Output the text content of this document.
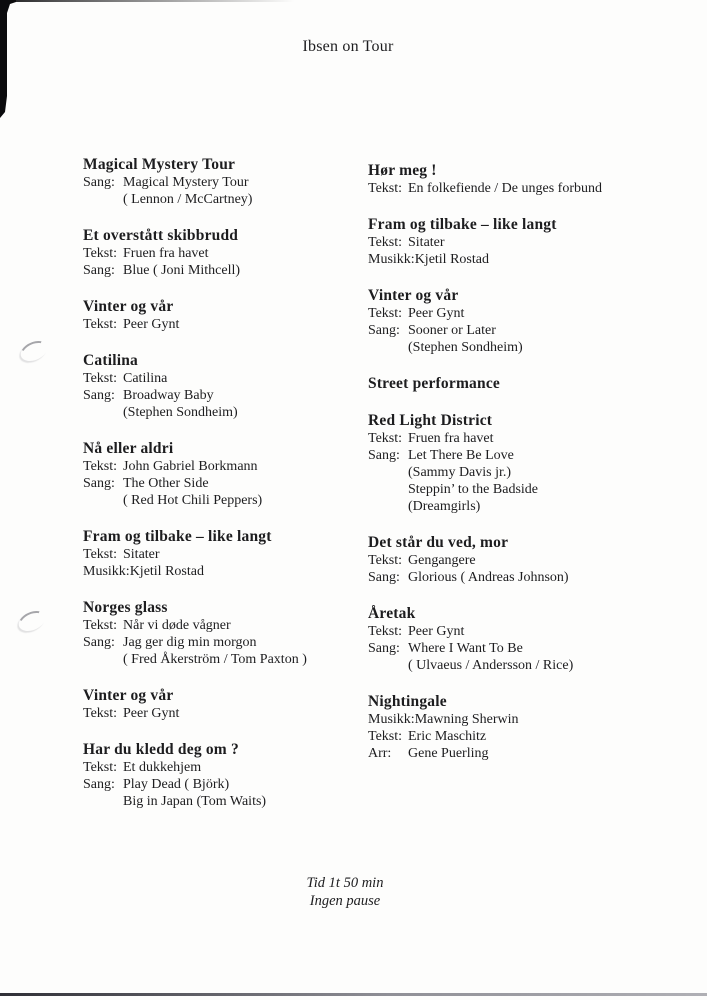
Ibsen on Tour
Magical Mystery Tour
Sang: Magical Mystery Tour
( Lennon / McCartney)
Et overstått skibbrudd
Tekst: Fruen fra havet
Sang: Blue ( Joni Mithcell)
Vinter og vår
Tekst: Peer Gynt
Catilina
Tekst: Catilina
Sang: Broadway Baby
(Stephen Sondheim)
Nå eller aldri
Tekst: John Gabriel Borkmann
Sang: The Other Side
( Red Hot Chili Peppers)
Fram og tilbake – like langt
Tekst: Sitater
Musikk:Kjetil Rostad
Norges glass
Tekst: Når vi døde vågner
Sang: Jag ger dig min morgon
( Fred Åkerström / Tom Paxton )
Vinter og vår
Tekst: Peer Gynt
Har du kledd deg om ?
Tekst: Et dukkehjem
Sang: Play Dead ( Björk)
Big in Japan (Tom Waits)
Hør meg !
Tekst: En folkefiende / De unges forbund
Fram og tilbake – like langt
Tekst: Sitater
Musikk:Kjetil Rostad
Vinter og vår
Tekst: Peer Gynt
Sang: Sooner or Later
(Stephen Sondheim)
Street performance
Red Light District
Tekst: Fruen fra havet
Sang: Let There Be Love
(Sammy Davis jr.)
Steppin’ to the Badside
(Dreamgirls)
Det står du ved, mor
Tekst: Gengangere
Sang: Glorious ( Andreas Johnson)
Åretak
Tekst: Peer Gynt
Sang: Where I Want To Be
( Ulvaeus / Andersson / Rice)
Nightingale
Musikk:Mawning Sherwin
Tekst: Eric Maschitz
Arr: Gene Puerling
Tid 1t 50 min
Ingen pause
